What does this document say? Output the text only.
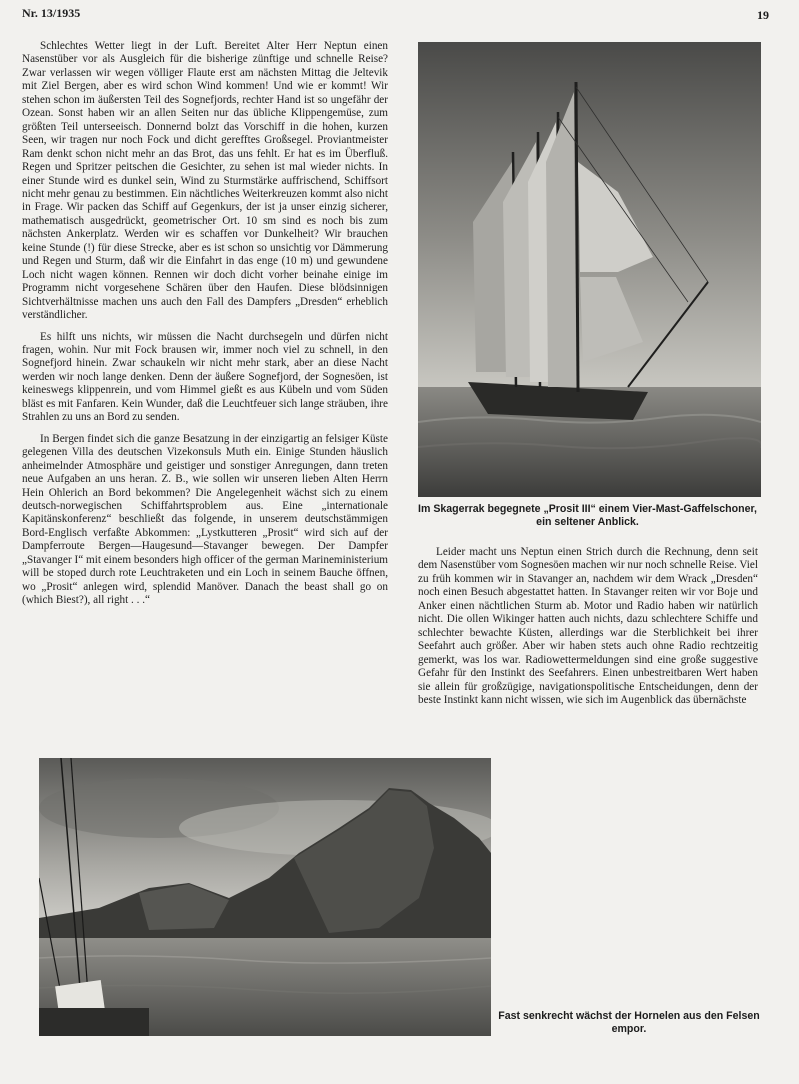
Nr. 13/1935	19

Schlechtes Wetter liegt in der Luft. Bereitet Alter Herr Neptun einen Nasenstüber vor als Ausgleich für die bisherige zünftige und schnelle Reise? Zwar verlassen wir wegen völliger Flaute erst am nächsten Mittag die Jeltevik mit Ziel Bergen, aber es wird schon Wind kommen! Und wie er kommt! Wir stehen schon im äußersten Teil des Sognefjords, rechter Hand ist so ungefähr der Ozean. Sonst haben wir an allen Seiten nur das übliche Klippengemüse, zum größten Teil unterseeisch. Donnernd bolzt das Vorschiff in die hohen, kurzen Seen, wir tragen nur noch Fock und dicht gerefftes Großsegel. Proviantmeister Ram denkt schon nicht mehr an das Brot, das uns fehlt. Er hat es im Überfluß. Regen und Spritzer peitschen die Gesichter, zu sehen ist mal wieder nichts. In einer Stunde wird es dunkel sein, Wind zu Sturmstärke auffrischend, Schiffsort nicht mehr genau zu bestimmen. Ein nächtliches Weiterkreuzen kommt also nicht in Frage. Wir packen das Schiff auf Gegenkurs, der ist ja unser einzig sicherer, mathematisch ausgedrückt, geometrischer Ort. 10 sm sind es noch bis zum nächsten Ankerplatz. Werden wir es schaffen vor Dunkelheit? Wir brauchen keine Stunde (!) für diese Strecke, aber es ist schon so unsichtig vor Dämmerung und Regen und Sturm, daß wir die Einfahrt in das enge (10 m) und gewundene Loch nicht wagen können. Rennen wir doch dicht vorher beinahe einige im Programm nicht vorgesehene Schären über den Haufen. Diese blödsinnigen Sichtverhältnisse machen uns auch den Fall des Dampfers „Dresden“ erheblich verständlicher.

Es hilft uns nichts, wir müssen die Nacht durchsegeln und dürfen nicht fragen, wohin. Nur mit Fock brausen wir, immer noch viel zu schnell, in den Sognefjord hinein. Zwar schaukeln wir nicht mehr stark, aber an diese Nacht werden wir noch lange denken. Denn der äußere Sognefjord, der Sognesöen, ist keineswegs klippenrein, und vom Himmel gießt es aus Kübeln und vom Süden bläst es mit Fanfaren. Kein Wunder, daß die Leuchtfeuer sich lange sträuben, ihre Strahlen zu uns an Bord zu senden.

In Bergen findet sich die ganze Besatzung in der einzigartig an felsiger Küste gelegenen Villa des deutschen Vizekonsuls Muth ein. Einige Stunden häuslich anheimelnder Atmosphäre und geistiger und sonstiger Anregungen, dann treten neue Aufgaben an uns heran. Z. B., wie sollen wir unseren lieben Alten Herrn Hein Ohlerich an Bord bekommen? Die Angelegenheit wächst sich zu einem deutsch-norwegischen Schiffahrtsproblem aus. Eine „internationale Kapitänskonferenz“ beschließt das folgende, in unserem deutschstämmigen Bord-Englisch verfaßte Abkommen: „Lystkutteren „Prosit“ wird sich auf der Dampferroute Bergen—Haugesund—Stavanger bewegen. Der Dampfer „Stavanger I“ mit einem besonders high officer of the german Marineministerium will be stoped durch rote Leuchtraketen und ein Loch in seinem Bauche öffnen, wo „Prosit“ anlegen wird, splendid Manöver. Danach the beast shall go on (which Biest?), all right . . .“

Im Skagerrak begegnete „Prosit III“ einem Vier-Mast-Gaffelschoner, ein seltener Anblick.

Leider macht uns Neptun einen Strich durch die Rechnung, denn seit dem Nasenstüber vom Sognesöen machen wir nur noch schnelle Reise. Viel zu früh kommen wir in Stavanger an, nachdem wir dem Wrack „Dresden“ noch einen Besuch abgestattet hatten. In Stavanger reiten wir vor Boje und Anker einen nächtlichen Sturm ab. Motor und Radio haben wir natürlich nicht. Die ollen Wikinger hatten auch nichts, dazu schlechtere Schiffe und schlechter bewachte Küsten, allerdings war die Sterblichkeit bei ihrer Seefahrt auch größer. Aber wir haben stets auch ohne Radio rechtzeitig gemerkt, was los war. Radiowettermeldungen sind eine große suggestive Gefahr für den Instinkt des Seefahrers. Einen unbestreitbaren Wert haben sie allein für großzügige, navigationspolitische Entscheidungen, denn der beste Instinkt kann nicht wissen, wie sich im Augenblick das übernächste

Fast senkrecht wächst der Hornelen aus den Felsen empor.
